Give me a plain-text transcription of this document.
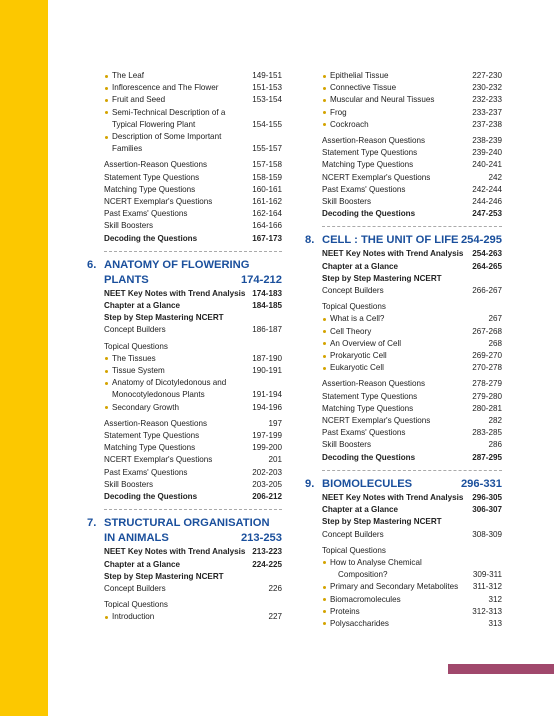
The Leaf	149-151
Inflorescence and The Flower	151-153
Fruit and Seed	153-154
Semi-Technical Description of a
Typical Flowering Plant	154-155
Description of Some Important
Families	155-157
Assertion-Reason Questions	157-158
Statement Type Questions	158-159
Matching Type Questions	160-161
NCERT Exemplar's Questions	161-162
Past Exams' Questions	162-164
Skill Boosters	164-166
Decoding the Questions	167-173
6. ANATOMY OF FLOWERING
PLANTS	174-212
NEET Key Notes with Trend Analysis 174-183
Chapter at a Glance	184-185
Step by Step Mastering NCERT
Concept Builders	186-187
Topical Questions
The Tissues	187-190
Tissue System	190-191
Anatomy of Dicotyledonous and
Monocotyledonous Plants	191-194
Secondary Growth	194-196
Assertion-Reason Questions	197
Statement Type Questions	197-199
Matching Type Questions	199-200
NCERT Exemplar's Questions	201
Past Exams' Questions	202-203
Skill Boosters	203-205
Decoding the Questions	206-212
7. STRUCTURAL ORGANISATION
IN ANIMALS	213-253
NEET Key Notes with Trend Analysis 213-223
Chapter at a Glance	224-225
Step by Step Mastering NCERT
Concept Builders	226
Topical Questions
Introduction	227
Epithelial Tissue	227-230
Connective Tissue	230-232
Muscular and Neural Tissues	232-233
Frog	233-237
Cockroach	237-238
Assertion-Reason Questions	238-239
Statement Type Questions	239-240
Matching Type Questions	240-241
NCERT Exemplar's Questions	242
Past Exams' Questions	242-244
Skill Boosters	244-246
Decoding the Questions	247-253
8. CELL : THE UNIT OF LIFE 254-295
NEET Key Notes with Trend Analysis 254-263
Chapter at a Glance	264-265
Step by Step Mastering NCERT
Concept Builders	266-267
Topical Questions
What is a Cell?	267
Cell Theory	267-268
An Overview of Cell	268
Prokaryotic Cell	269-270
Eukaryotic Cell	270-278
Assertion-Reason Questions	278-279
Statement Type Questions	279-280
Matching Type Questions	280-281
NCERT Exemplar's Questions	282
Past Exams' Questions	283-285
Skill Boosters	286
Decoding the Questions	287-295
9. BIOMOLECULES	296-331
NEET Key Notes with Trend Analysis 296-305
Chapter at a Glance	306-307
Step by Step Mastering NCERT
Concept Builders	308-309
Topical Questions
How to Analyse Chemical
Composition?	309-311
Primary and Secondary Metabolites 311-312
Biomacromolecules	312
Proteins	312-313
Polysaccharides	313
